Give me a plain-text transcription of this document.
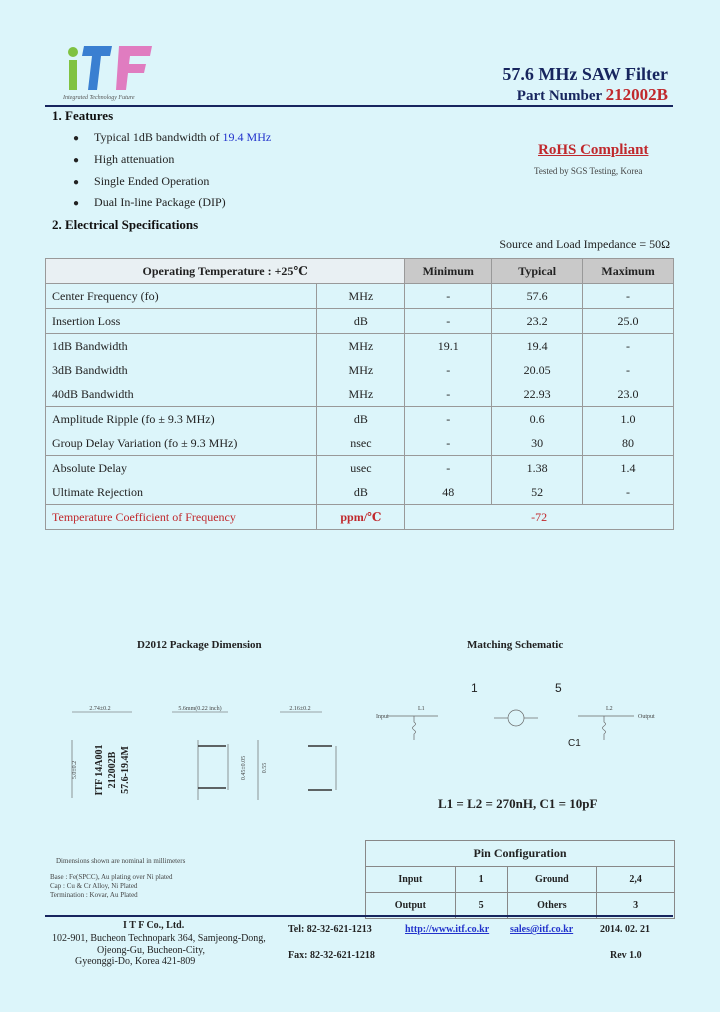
Integrated Technology Future
57.6 MHz SAW Filter
Part Number 212002B
1. Features
● Typical 1dB bandwidth of 19.4 MHz
● High attenuation
● Single Ended Operation
● Dual In-line Package (DIP)
RoHS Compliant
Tested by SGS Testing, Korea
2. Electrical Specifications
Source and Load Impedance = 50Ω
Operating Temperature : +25℃		Minimum	Typical	Maximum
Center Frequency (fo)	MHz	-	57.6	-
Insertion Loss	dB	-	23.2	25.0
1dB Bandwidth	MHz	19.1	19.4	-
3dB Bandwidth	MHz	-	20.05	-
40dB Bandwidth	MHz	-	22.93	23.0
Amplitude Ripple (fo ± 9.3 MHz)	dB	-	0.6	1.0
Group Delay Variation (fo ± 9.3 MHz)	nsec	-	30	80
Absolute Delay	usec	-	1.38	1.4
Ultimate Rejection	dB	48	52	-
Temperature Coefficient of Frequency	ppm/℃	-72		
D2012 Package Dimension
2.74±0.2	5.6mm(0.22 inch)	2.16±0.2
5.0±0.2	0.55
0.45±0.05
ITF 14A001 212002B 57.6-19.4M
Dimensions shown are nominal in millimeters
Base : Fe(SPCC), Au plating over Ni plated
Cap : Cu & Cr Alloy, Ni Plated
Termination : Kovar, Au Plated
Matching Schematic
1	5
Input	Output
L1	L2
C1
L1 = L2 = 270nH, C1 = 10pF
Pin Configuration			
Input	1	Ground	2,4
Output	5	Others	3
I T F Co., Ltd.
102-901, Bucheon Technopark 364, Samjeong-Dong,
Ojeong-Gu, Bucheon-City,
Gyeonggi-Do, Korea 421-809
Tel: 82-32-621-1213
Fax: 82-32-621-1218
http://www.itf.co.kr sales@itf.co.kr	2014. 02. 21
Rev 1.0
